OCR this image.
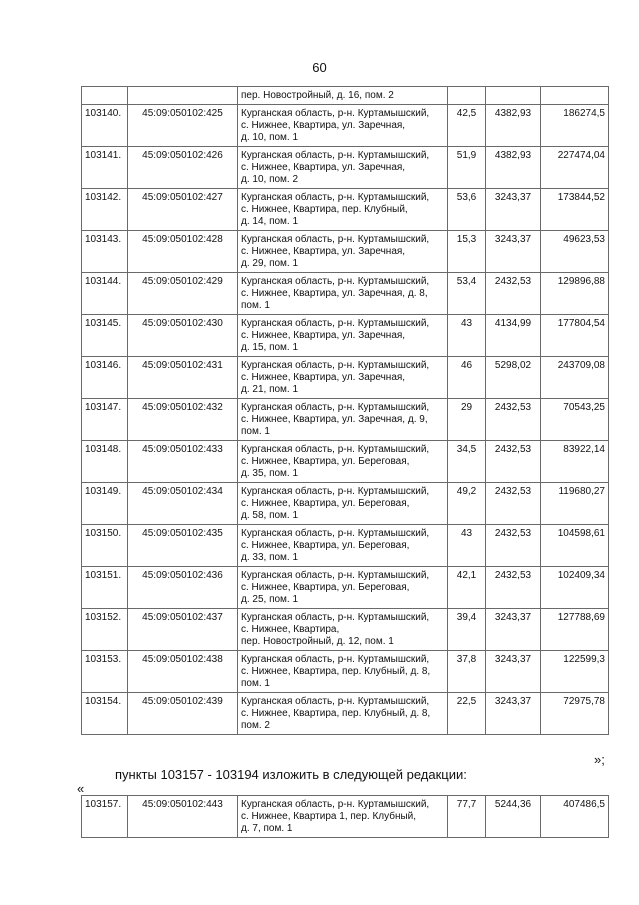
60
		пер. Новостройный, д. 16, пом. 2			
103140.	45:09:050102:425	Курганская область, р-н. Куртамышский,
с. Нижнее, Квартира, ул. Заречная,
д. 10, пом. 1	42,5	4382,93	186274,5
103141.	45:09:050102:426	Курганская область, р-н. Куртамышский,
с. Нижнее, Квартира, ул. Заречная,
д. 10, пом. 2	51,9	4382,93	227474,04
103142.	45:09:050102:427	Курганская область, р-н. Куртамышский,
с. Нижнее, Квартира, пер. Клубный,
д. 14, пом. 1	53,6	3243,37	173844,52
103143.	45:09:050102:428	Курганская область, р-н. Куртамышский,
с. Нижнее, Квартира, ул. Заречная,
д. 29, пом. 1	15,3	3243,37	49623,53
103144.	45:09:050102:429	Курганская область, р-н. Куртамышский,
с. Нижнее, Квартира, ул. Заречная, д. 8,
пом. 1	53,4	2432,53	129896,88
103145.	45:09:050102:430	Курганская область, р-н. Куртамышский,
с. Нижнее, Квартира, ул. Заречная,
д. 15, пом. 1	43	4134,99	177804,54
103146.	45:09:050102:431	Курганская область, р-н. Куртамышский,
с. Нижнее, Квартира, ул. Заречная,
д. 21, пом. 1	46	5298,02	243709,08
103147.	45:09:050102:432	Курганская область, р-н. Куртамышский,
с. Нижнее, Квартира, ул. Заречная, д. 9,
пом. 1	29	2432,53	70543,25
103148.	45:09:050102:433	Курганская область, р-н. Куртамышский,
с. Нижнее, Квартира, ул. Береговая,
д. 35, пом. 1	34,5	2432,53	83922,14
103149.	45:09:050102:434	Курганская область, р-н. Куртамышский,
с. Нижнее, Квартира, ул. Береговая,
д. 58, пом. 1	49,2	2432,53	119680,27
103150.	45:09:050102:435	Курганская область, р-н. Куртамышский,
с. Нижнее, Квартира, ул. Береговая,
д. 33, пом. 1	43	2432,53	104598,61
103151.	45:09:050102:436	Курганская область, р-н. Куртамышский,
с. Нижнее, Квартира, ул. Береговая,
д. 25, пом. 1	42,1	2432,53	102409,34
103152.	45:09:050102:437	Курганская область, р-н. Куртамышский,
с. Нижнее, Квартира,
пер. Новостройный, д. 12, пом. 1	39,4	3243,37	127788,69
103153.	45:09:050102:438	Курганская область, р-н. Куртамышский,
с. Нижнее, Квартира, пер. Клубный, д. 8,
пом. 1	37,8	3243,37	122599,3
103154.	45:09:050102:439	Курганская область, р-н. Куртамышский,
с. Нижнее, Квартира, пер. Клубный, д. 8,
пом. 2	22,5	3243,37	72975,78
»;
пункты 103157 - 103194 изложить в следующей редакции:
«
103157.	45:09:050102:443	Курганская область, р-н. Куртамышский,
с. Нижнее, Квартира 1, пер. Клубный,
д. 7, пом. 1	77,7	5244,36	407486,5
